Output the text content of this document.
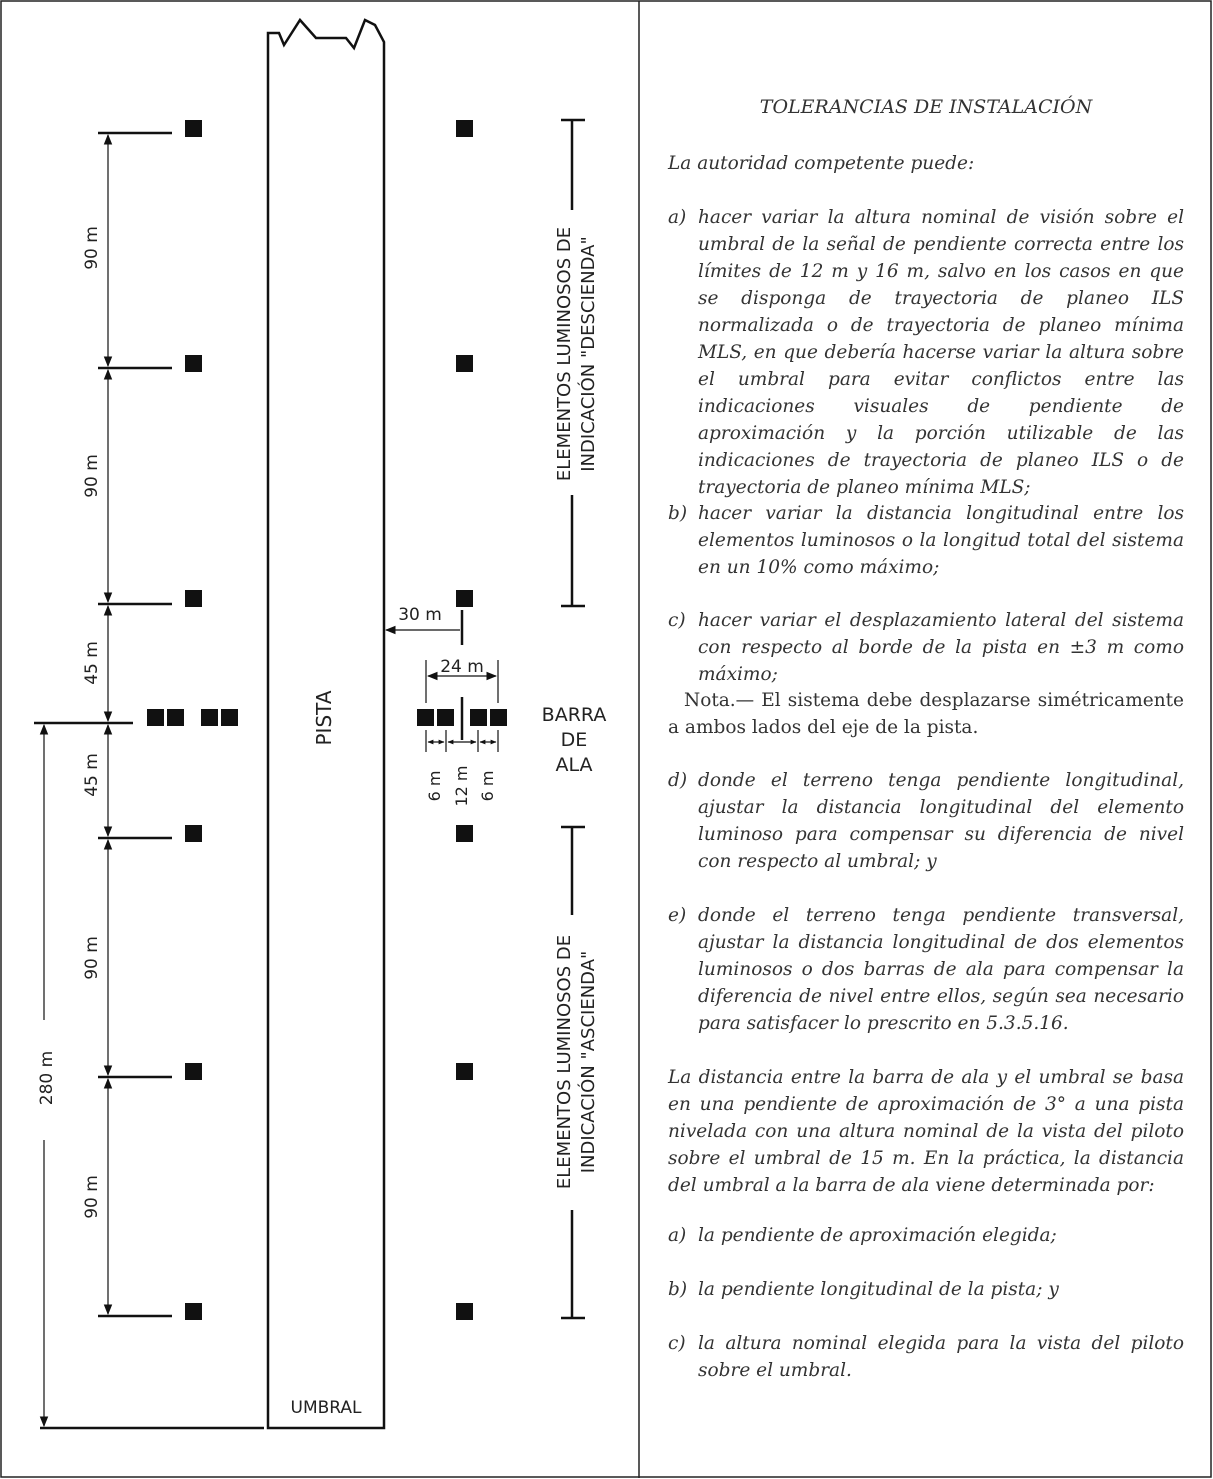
PISTA
UMBRAL
90 m
90 m
45 m
45 m
90 m
90 m
280 m
30 m
24 m
6 m 12 m 6 m
BARRA
DE
ALA
ELEMENTOS LUMINOSOS DE INDICACIÓN "DESCIENDA"
ELEMENTOS LUMINOSOS DE INDICACIÓN "ASCIENDA"
TOLERANCIAS DE INSTALACIÓN

La autoridad competente puede:

a) hacer variar la altura nominal de visión sobre el umbral de la señal de pendiente correcta entre los límites de 12 m y 16 m, salvo en los casos en que se disponga de trayectoria de planeo ILS normalizada o de trayectoria de planeo mínima MLS, en que debería hacerse variar la altura sobre el umbral para evitar conflictos entre las indicaciones visuales de pendiente de aproximación y la porción utilizable de las indicaciones de trayectoria de planeo ILS o de trayectoria de planeo mínima MLS;

b) hacer variar la distancia longitudinal entre los elementos luminosos o la longitud total del sistema en un 10% como máximo;

c) hacer variar el desplazamiento lateral del sistema con respecto al borde de la pista en ±3 m como máximo;

Nota.— El sistema debe desplazarse simétricamente a ambos lados del eje de la pista.

d) donde el terreno tenga pendiente longitudinal, ajustar la distancia longitudinal del elemento luminoso para compensar su diferencia de nivel con respecto al umbral; y

e) donde el terreno tenga pendiente transversal, ajustar la distancia longitudinal de dos elementos luminosos o dos barras de ala para compensar la diferencia de nivel entre ellos, según sea necesario para satisfacer lo prescrito en 5.3.5.16.

La distancia entre la barra de ala y el umbral se basa en una pendiente de aproximación de 3° a una pista nivelada con una altura nominal de la vista del piloto sobre el umbral de 15 m. En la práctica, la distancia del umbral a la barra de ala viene determinada por:

a) la pendiente de aproximación elegida;

b) la pendiente longitudinal de la pista; y

c) la altura nominal elegida para la vista del piloto sobre el umbral.
